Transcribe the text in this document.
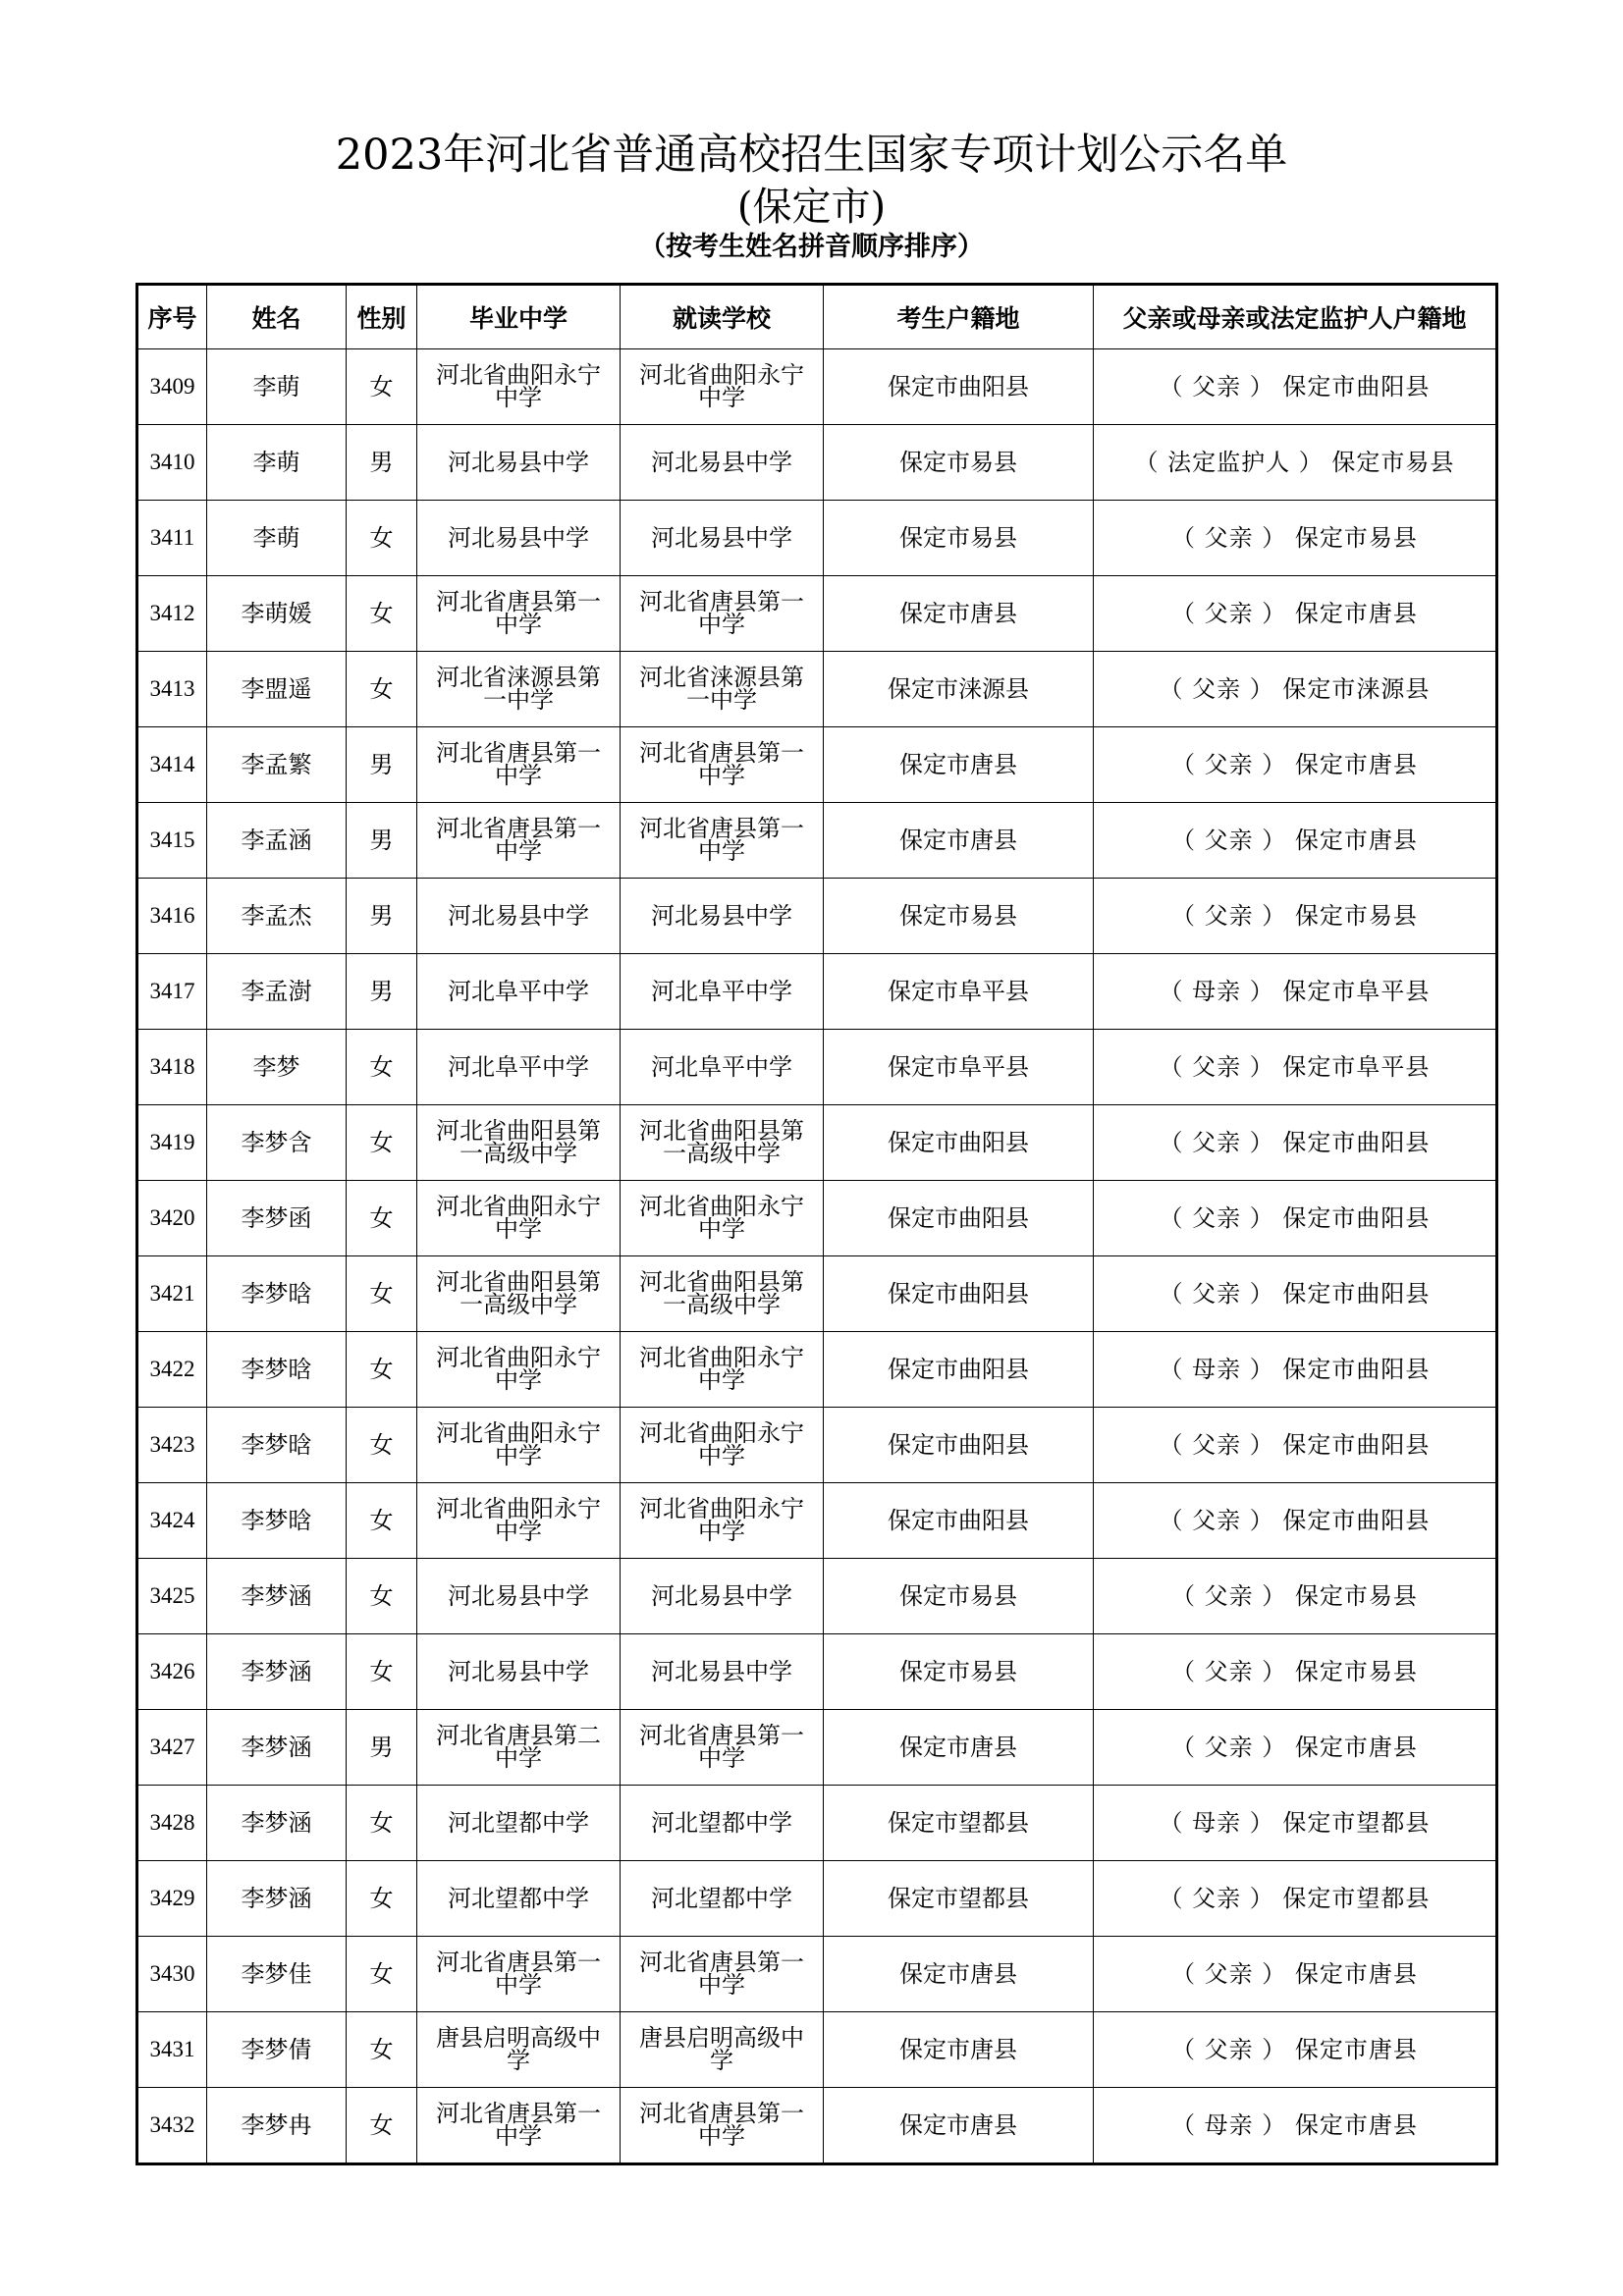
2023年河北省普通高校招生国家专项计划公示名单
(保定市)
（按考生姓名拼音顺序排序）
序号	姓名	性别	毕业中学	就读学校	考生户籍地	父亲或母亲或法定监护人户籍地
3409	李萌	女	河北省曲阳永宁中学	河北省曲阳永宁中学	保定市曲阳县	（ 父亲 ） 保定市曲阳县
3410	李萌	男	河北易县中学	河北易县中学	保定市易县	（ 法定监护人 ） 保定市易县
3411	李萌	女	河北易县中学	河北易县中学	保定市易县	（ 父亲 ） 保定市易县
3412	李萌媛	女	河北省唐县第一中学	河北省唐县第一中学	保定市唐县	（ 父亲 ） 保定市唐县
3413	李盟遥	女	河北省涞源县第一中学	河北省涞源县第一中学	保定市涞源县	（ 父亲 ） 保定市涞源县
3414	李孟繁	男	河北省唐县第一中学	河北省唐县第一中学	保定市唐县	（ 父亲 ） 保定市唐县
3415	李孟涵	男	河北省唐县第一中学	河北省唐县第一中学	保定市唐县	（ 父亲 ） 保定市唐县
3416	李孟杰	男	河北易县中学	河北易县中学	保定市易县	（ 父亲 ） 保定市易县
3417	李孟澍	男	河北阜平中学	河北阜平中学	保定市阜平县	（ 母亲 ） 保定市阜平县
3418	李梦	女	河北阜平中学	河北阜平中学	保定市阜平县	（ 父亲 ） 保定市阜平县
3419	李梦含	女	河北省曲阳县第一高级中学	河北省曲阳县第一高级中学	保定市曲阳县	（ 父亲 ） 保定市曲阳县
3420	李梦函	女	河北省曲阳永宁中学	河北省曲阳永宁中学	保定市曲阳县	（ 父亲 ） 保定市曲阳县
3421	李梦晗	女	河北省曲阳县第一高级中学	河北省曲阳县第一高级中学	保定市曲阳县	（ 父亲 ） 保定市曲阳县
3422	李梦晗	女	河北省曲阳永宁中学	河北省曲阳永宁中学	保定市曲阳县	（ 母亲 ） 保定市曲阳县
3423	李梦晗	女	河北省曲阳永宁中学	河北省曲阳永宁中学	保定市曲阳县	（ 父亲 ） 保定市曲阳县
3424	李梦晗	女	河北省曲阳永宁中学	河北省曲阳永宁中学	保定市曲阳县	（ 父亲 ） 保定市曲阳县
3425	李梦涵	女	河北易县中学	河北易县中学	保定市易县	（ 父亲 ） 保定市易县
3426	李梦涵	女	河北易县中学	河北易县中学	保定市易县	（ 父亲 ） 保定市易县
3427	李梦涵	男	河北省唐县第二中学	河北省唐县第一中学	保定市唐县	（ 父亲 ） 保定市唐县
3428	李梦涵	女	河北望都中学	河北望都中学	保定市望都县	（ 母亲 ） 保定市望都县
3429	李梦涵	女	河北望都中学	河北望都中学	保定市望都县	（ 父亲 ） 保定市望都县
3430	李梦佳	女	河北省唐县第一中学	河北省唐县第一中学	保定市唐县	（ 父亲 ） 保定市唐县
3431	李梦倩	女	唐县启明高级中学	唐县启明高级中学	保定市唐县	（ 父亲 ） 保定市唐县
3432	李梦冉	女	河北省唐县第一中学	河北省唐县第一中学	保定市唐县	（ 母亲 ） 保定市唐县
